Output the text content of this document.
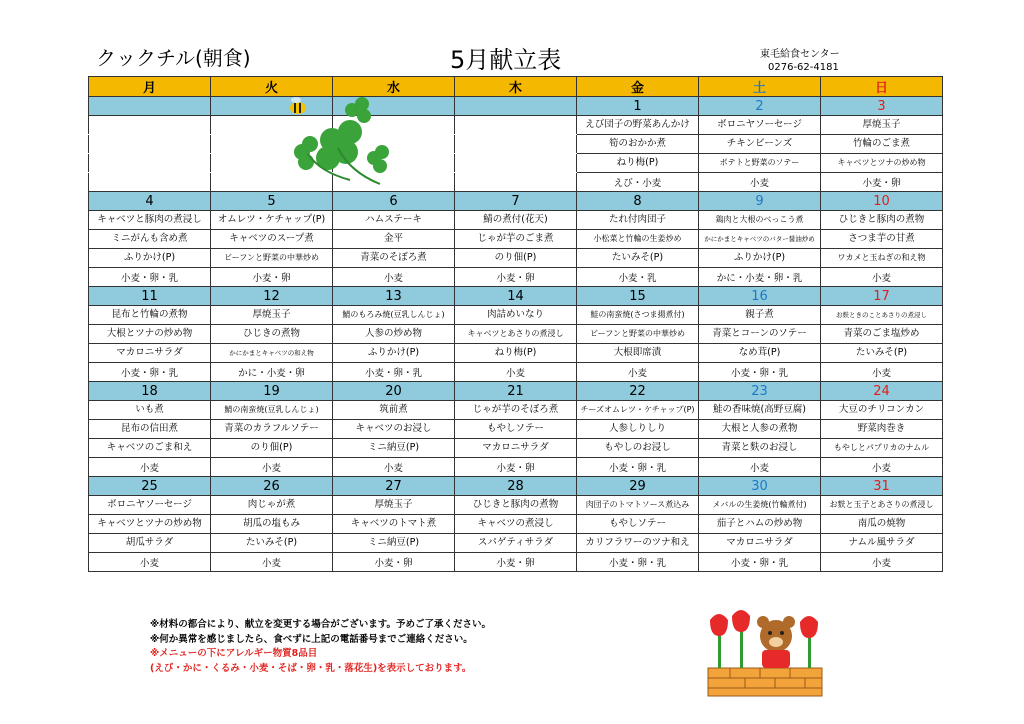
クックチル(朝食)	5月献立表	東毛給食センター
0276-62-4181
月	火	水	木	金	土	日
				1	2	3
				えび団子の野菜あんかけ	ボロニヤソーセージ	厚焼玉子
				筍のおかか煮	チキンビーンズ	竹輪のごま煮
				ねり梅(P)	ポテトと野菜のソテー	キャベツとツナの炒め物
				えび・小麦	小麦	小麦・卵
4	5	6	7	8	9	10
キャベツと豚肉の煮浸し	オムレツ・ケチャップ(P)	ハムステーキ	鯖の煮付(花天)	たれ付肉団子	鶏肉と大根のべっこう煮	ひじきと豚肉の煮物
ミニがんも含め煮	キャベツのスープ煮	金平	じゃが芋のごま煮	小松菜と竹輪の生姜炒め	かにかまとキャベツのバター醤油炒め	さつま芋の甘煮
ふりかけ(P)	ビーフンと野菜の中華炒め	青菜のそぼろ煮	のり佃(P)	たいみそ(P)	ふりかけ(P)	ワカメと玉ねぎの和え物
小麦・卵・乳	小麦・卵	小麦	小麦・卵	小麦・乳	かに・小麦・卵・乳	小麦
11	12	13	14	15	16	17
昆布と竹輪の煮物	厚焼玉子	鯖のもろみ焼(豆乳しんじょ)	肉詰めいなり	鮭の南蛮焼(さつま揚煮付)	親子煮	お麩ときのことあさりの煮浸し
大根とツナの炒め物	ひじきの煮物	人参の炒め物	キャベツとあさりの煮浸し	ビーフンと野菜の中華炒め	青菜とコーンのソテー	青菜のごま塩炒め
マカロニサラダ	かにかまとキャベツの和え物	ふりかけ(P)	ねり梅(P)	大根即席漬	なめ茸(P)	たいみそ(P)
小麦・卵・乳	かに・小麦・卵	小麦・卵・乳	小麦	小麦	小麦・卵・乳	小麦
18	19	20	21	22	23	24
いも煮	鯖の南蛮焼(豆乳しんじょ)	筑前煮	じゃが芋のそぼろ煮	チーズオムレツ・ケチャップ(P)	鮭の香味焼(高野豆腐)	大豆のチリコンカン
昆布の信田煮	青菜のカラフルソテー	キャベツのお浸し	もやしソテー	人参しりしり	大根と人参の煮物	野菜肉巻き
キャベツのごま和え	のり佃(P)	ミニ納豆(P)	マカロニサラダ	もやしのお浸し	青菜と麩のお浸し	もやしとパプリカのナムル
小麦	小麦	小麦	小麦・卵	小麦・卵・乳	小麦	小麦
25	26	27	28	29	30	31
ボロニヤソーセージ	肉じゃが煮	厚焼玉子	ひじきと豚肉の煮物	肉団子のトマトソース煮込み	メバルの生姜焼(竹輪煮付)	お麩と玉子とあさりの煮浸し
キャベツとツナの炒め物	胡瓜の塩もみ	キャベツのトマト煮	キャベツの煮浸し	もやしソテー	茄子とハムの炒め物	南瓜の焼物
胡瓜サラダ	たいみそ(P)	ミニ納豆(P)	スパゲティサラダ	カリフラワーのツナ和え	マカロニサラダ	ナムル風サラダ
小麦	小麦	小麦・卵	小麦・卵	小麦・卵・乳	小麦・卵・乳	小麦
※材料の都合により、献立を変更する場合がございます。予めご了承ください。
※何か異常を感じましたら、食べずに上記の電話番号までご連絡ください。
※メニューの下にアレルギー物質8品目
(えび・かに・くるみ・小麦・そば・卵・乳・落花生)を表示しております。
